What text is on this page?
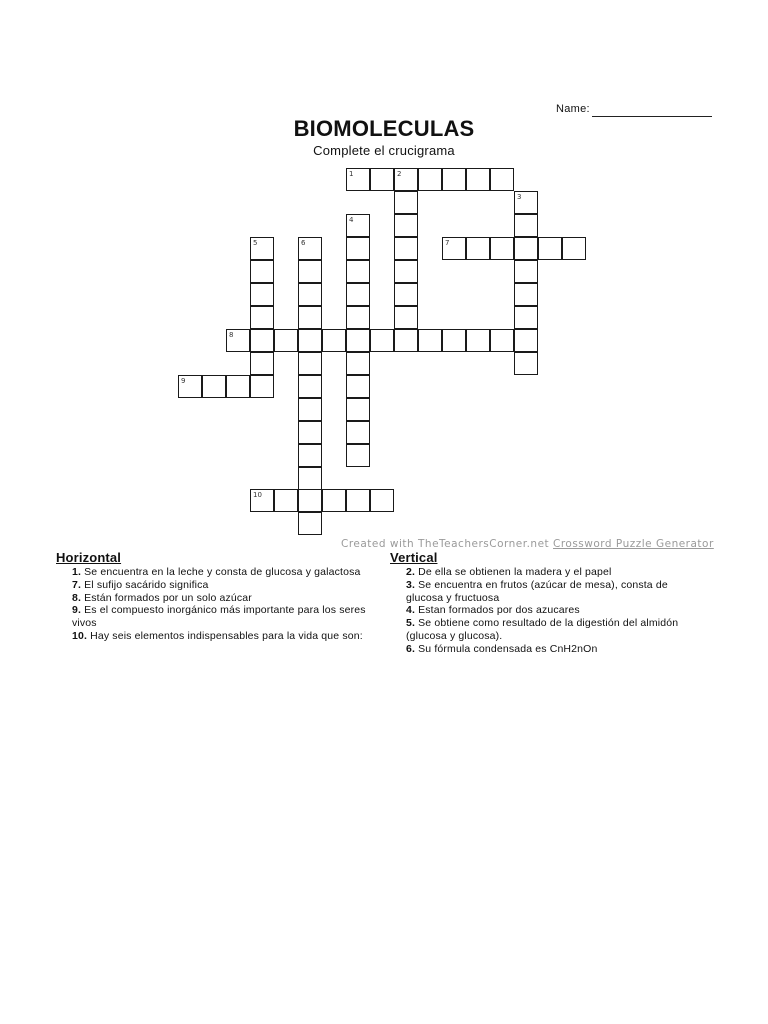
Name:
BIOMOLECULAS
Complete el crucigrama
1	2
3
4
5	6	7
8
9
10
Created with TheTeachersCorner.net Crossword Puzzle Generator
Horizontal
1. Se encuentra en la leche y consta de glucosa y galactosa
7. El sufijo sacárido significa
8. Están formados por un solo azúcar
9. Es el compuesto inorgánico más importante para los seres vivos
10. Hay seis elementos indispensables para la vida que son:
Vertical
2. De ella se obtienen la madera y el papel
3. Se encuentra en frutos (azúcar de mesa), consta de glucosa y fructuosa
4. Estan formados por dos azucares
5. Se obtiene como resultado de la digestión del almidón (glucosa y glucosa).
6. Su fórmula condensada es CnH2nOn
